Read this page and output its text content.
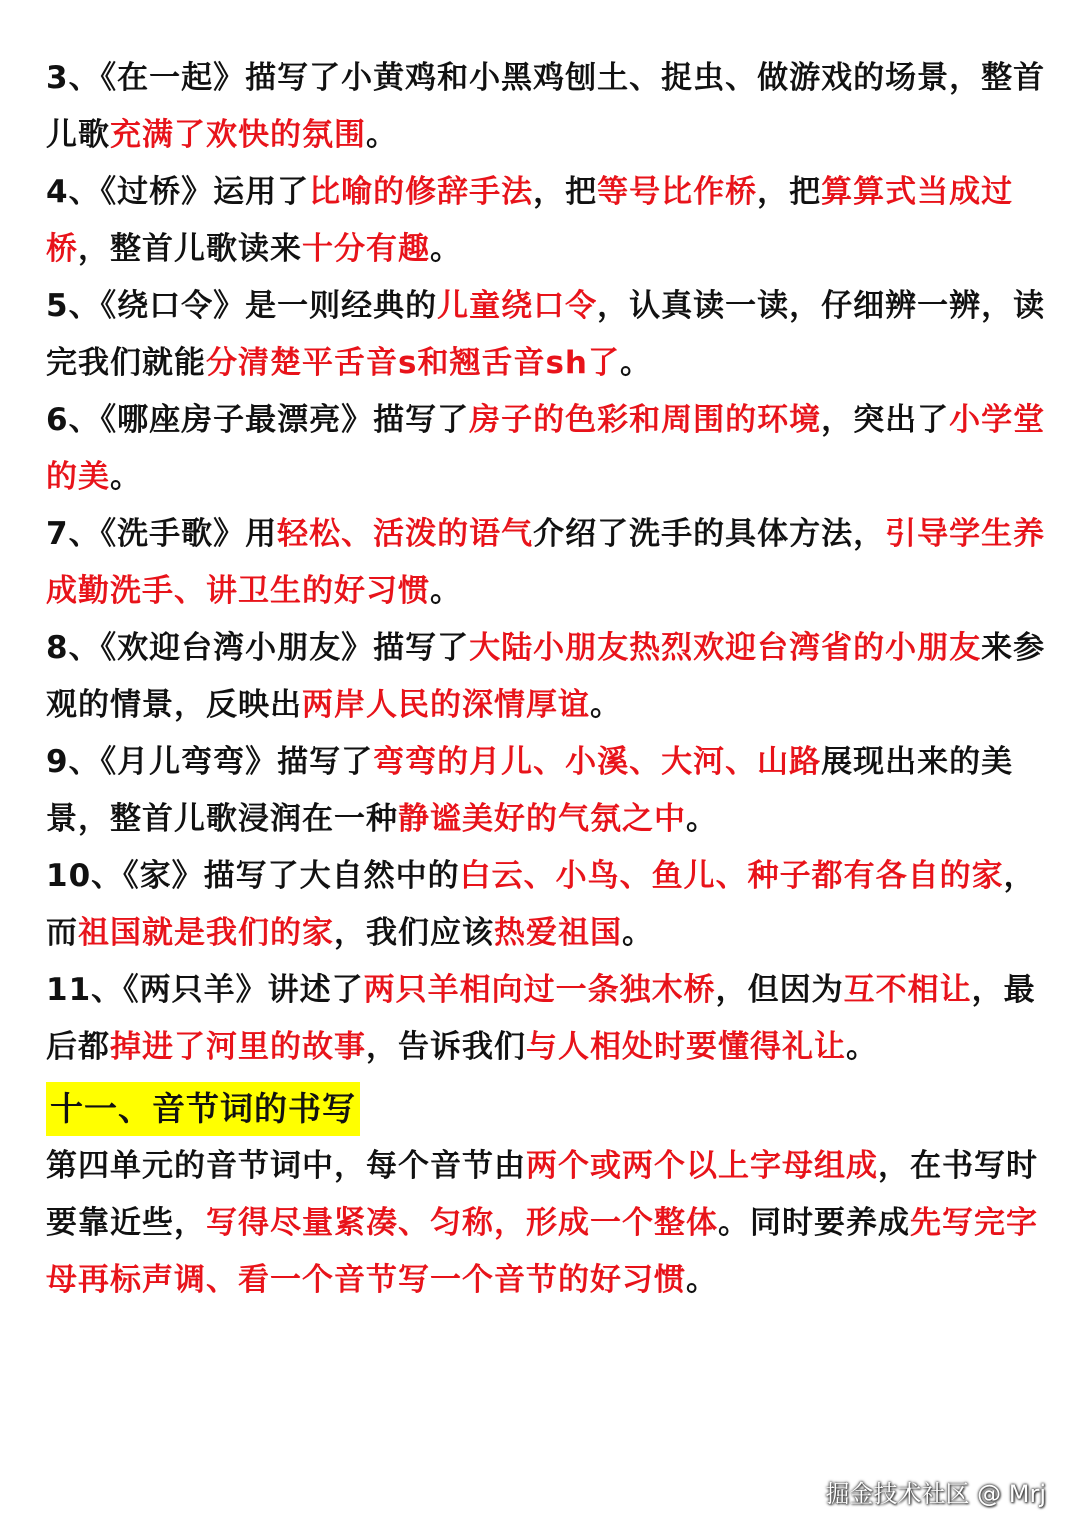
3、《在一起》描写了小黄鸡和小黑鸡刨土、捉虫、做游戏的场景，整首儿歌充满了欢快的氛围。

4、《过桥》运用了比喻的修辞手法，把等号比作桥，把算算式当成过桥，整首儿歌读来十分有趣。

5、《绕口令》是一则经典的儿童绕口令，认真读一读，仔细辨一辨，读完我们就能分清楚平舌音s和翘舌音sh了。

6、《哪座房子最漂亮》描写了房子的色彩和周围的环境，突出了小学堂的美。

7、《洗手歌》用轻松、活泼的语气介绍了洗手的具体方法，引导学生养成勤洗手、讲卫生的好习惯。

8、《欢迎台湾小朋友》描写了大陆小朋友热烈欢迎台湾省的小朋友来参观的情景，反映出两岸人民的深情厚谊。

9、《月儿弯弯》描写了弯弯的月儿、小溪、大河、山路展现出来的美景，整首儿歌浸润在一种静谧美好的气氛之中。

10、《家》描写了大自然中的白云、小鸟、鱼儿、种子都有各自的家，而祖国就是我们的家，我们应该热爱祖国。

11、《两只羊》讲述了两只羊相向过一条独木桥，但因为互不相让，最后都掉进了河里的故事，告诉我们与人相处时要懂得礼让。

十一、音节词的书写

第四单元的音节词中，每个音节由两个或两个以上字母组成，在书写时要靠近些，写得尽量紧凑、匀称，形成一个整体。同时要养成先写完字母再标声调、看一个音节写一个音节的好习惯。

掘金技术社区 @ Mrj
